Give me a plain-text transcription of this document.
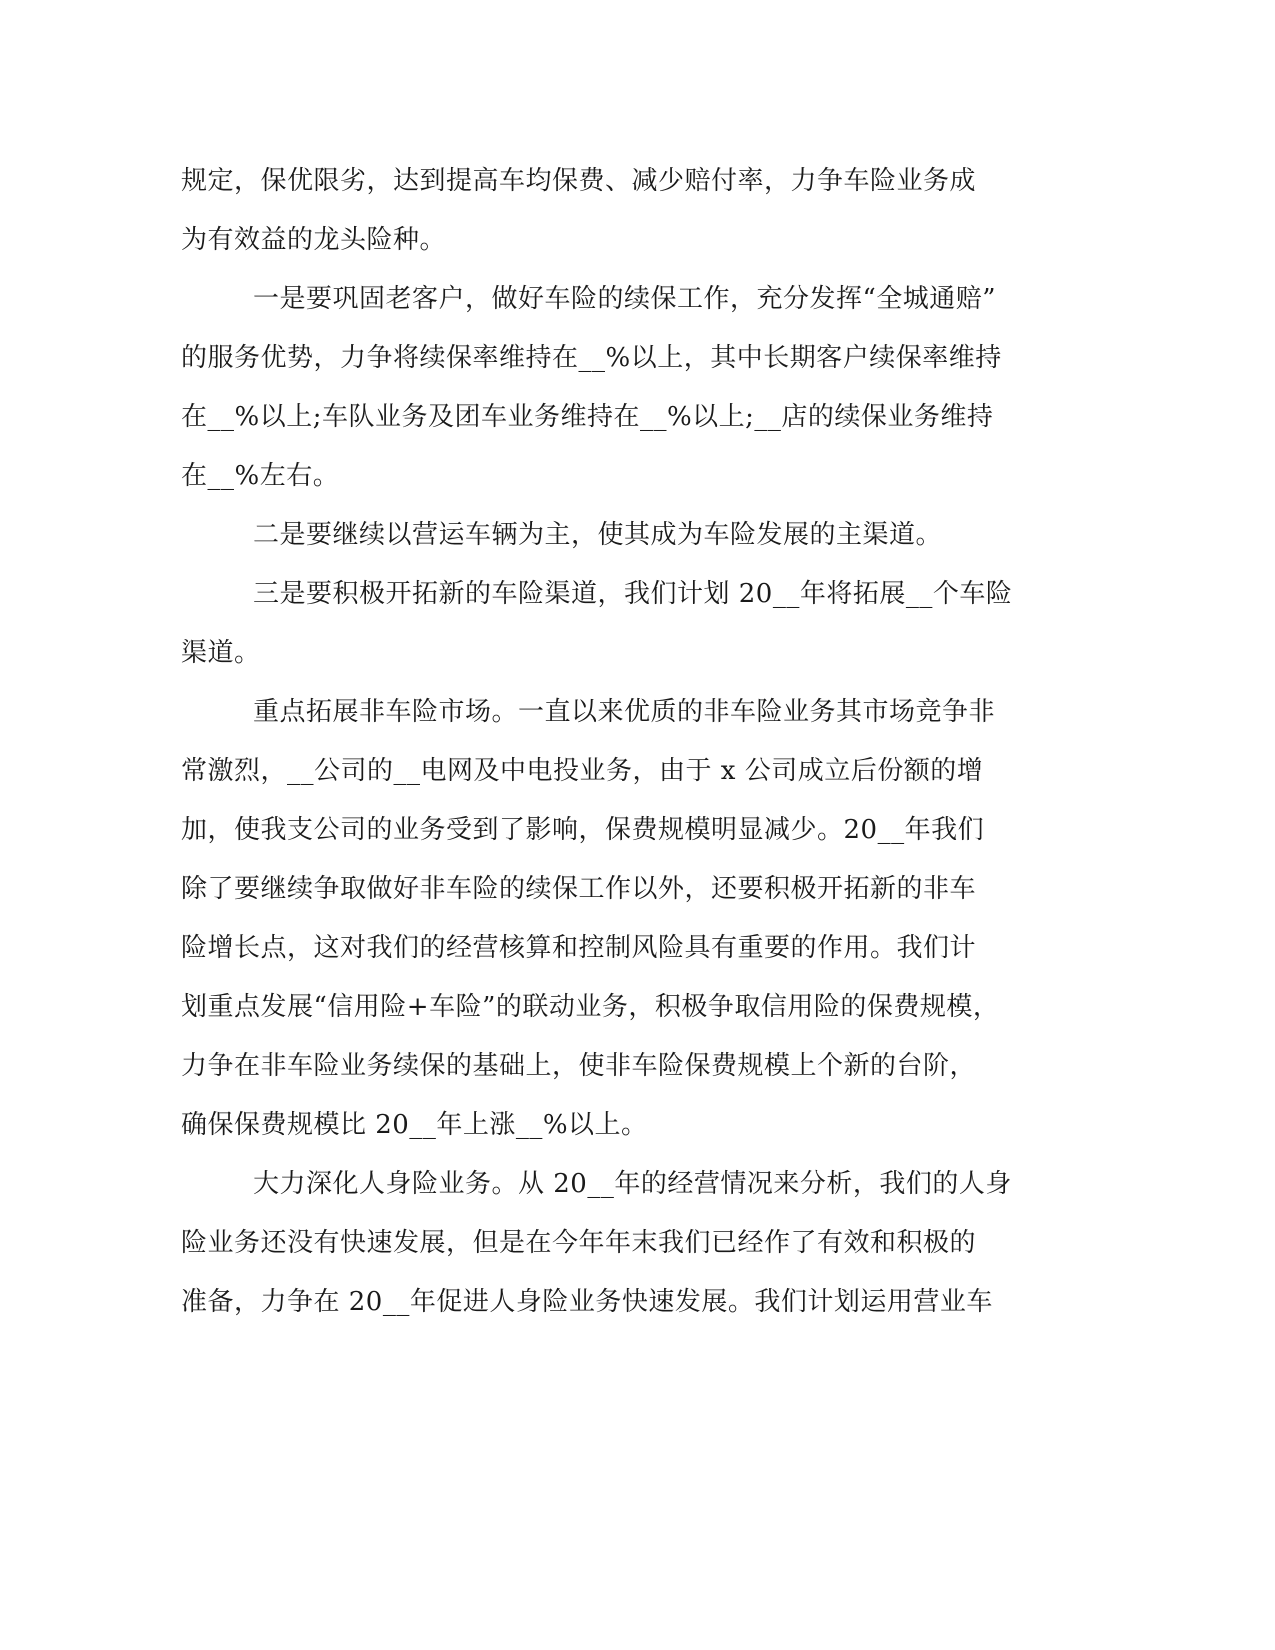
规定，保优限劣，达到提高车均保费、减少赔付率，力争车险业务成
为有效益的龙头险种。
一是要巩固老客户，做好车险的续保工作，充分发挥“全城通赔”
的服务优势，力争将续保率维持在__%以上，其中长期客户续保率维持
在__%以上;车队业务及团车业务维持在__%以上;__店的续保业务维持
在__%左右。
二是要继续以营运车辆为主，使其成为车险发展的主渠道。
三是要积极开拓新的车险渠道，我们计划 20__年将拓展__个车险
渠道。
重点拓展非车险市场。一直以来优质的非车险业务其市场竞争非
常激烈，__公司的__电网及中电投业务，由于 x 公司成立后份额的增
加，使我支公司的业务受到了影响，保费规模明显减少。20__年我们
除了要继续争取做好非车险的续保工作以外，还要积极开拓新的非车
险增长点，这对我们的经营核算和控制风险具有重要的作用。我们计
划重点发展“信用险+车险”的联动业务，积极争取信用险的保费规模，
力争在非车险业务续保的基础上，使非车险保费规模上个新的台阶，
确保保费规模比 20__年上涨__%以上。
大力深化人身险业务。从 20__年的经营情况来分析，我们的人身
险业务还没有快速发展，但是在今年年末我们已经作了有效和积极的
准备，力争在 20__年促进人身险业务快速发展。我们计划运用营业车
